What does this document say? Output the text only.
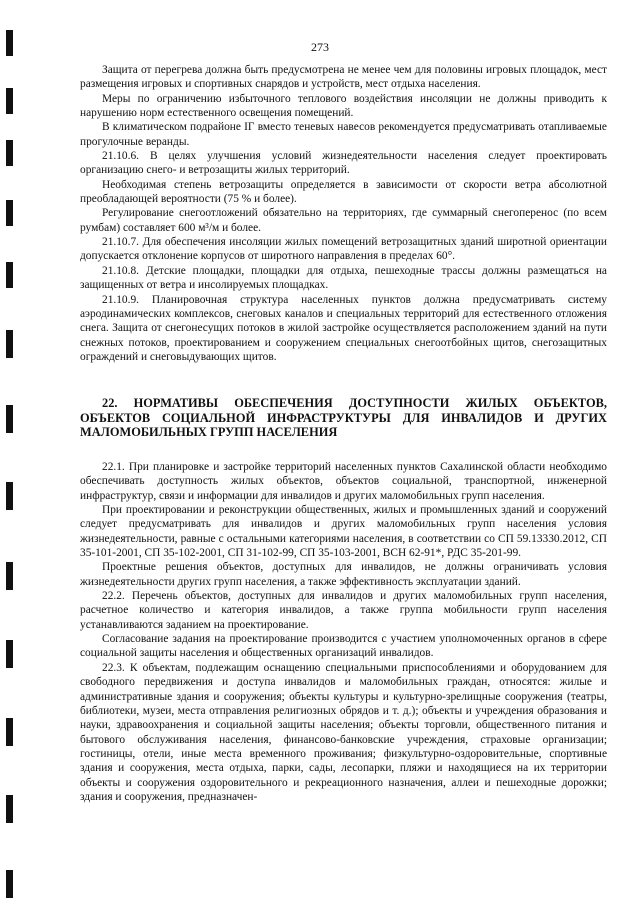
273

Защита от перегрева должна быть предусмотрена не менее чем для половины игровых площадок, мест размещения игровых и спортивных снарядов и устройств, мест отдыха населения.

Меры по ограничению избыточного теплового воздействия инсоляции не должны приводить к нарушению норм естественного освещения помещений.

В климатическом подрайоне IГ вместо теневых навесов рекомендуется предусматривать отапливаемые прогулочные веранды.

21.10.6. В целях улучшения условий жизнедеятельности населения следует проектировать организацию снего- и ветрозащиты жилых территорий.

Необходимая степень ветрозащиты определяется в зависимости от скорости ветра абсолютной преобладающей вероятности (75 % и более).

Регулирование снегоотложений обязательно на территориях, где суммарный снегоперенос (по всем румбам) составляет 600 м³/м и более.

21.10.7. Для обеспечения инсоляции жилых помещений ветрозащитных зданий широтной ориентации допускается отклонение корпусов от широтного направления в пределах 60°.

21.10.8. Детские площадки, площадки для отдыха, пешеходные трассы должны размещаться на защищенных от ветра и инсолируемых площадках.

21.10.9. Планировочная структура населенных пунктов должна предусматривать систему аэродинамических комплексов, снеговых каналов и специальных территорий для естественного отложения снега. Защита от снегонесущих потоков в жилой застройке осуществляется расположением зданий на пути снежных потоков, проектированием и сооружением специальных снегоотбойных щитов, снегозащитных ограждений и снеговыдувающих щитов.

22. НОРМАТИВЫ ОБЕСПЕЧЕНИЯ ДОСТУПНОСТИ ЖИЛЫХ ОБЪЕКТОВ, ОБЪЕКТОВ СОЦИАЛЬНОЙ ИНФРАСТРУКТУРЫ ДЛЯ ИНВАЛИДОВ И ДРУГИХ МАЛОМОБИЛЬНЫХ ГРУПП НАСЕЛЕНИЯ

22.1. При планировке и застройке территорий населенных пунктов Сахалинской области необходимо обеспечивать доступность жилых объектов, объектов социальной, транспортной, инженерной инфраструктур, связи и информации для инвалидов и других маломобильных групп населения.

При проектировании и реконструкции общественных, жилых и промышленных зданий и сооружений следует предусматривать для инвалидов и других маломобильных групп населения условия жизнедеятельности, равные с остальными категориями населения, в соответствии со СП 59.13330.2012, СП 35-101-2001, СП 35-102-2001, СП 31-102-99, СП 35-103-2001, ВСН 62-91*, РДС 35-201-99.

Проектные решения объектов, доступных для инвалидов, не должны ограничивать условия жизнедеятельности других групп населения, а также эффективность эксплуатации зданий.

22.2. Перечень объектов, доступных для инвалидов и других маломобильных групп населения, расчетное количество и категория инвалидов, а также группа мобильности групп населения устанавливаются заданием на проектирование.

Согласование задания на проектирование производится с участием уполномоченных органов в сфере социальной защиты населения и общественных организаций инвалидов.

22.3. К объектам, подлежащим оснащению специальными приспособлениями и оборудованием для свободного передвижения и доступа инвалидов и маломобильных граждан, относятся: жилые и административные здания и сооружения; объекты культуры и культурно-зрелищные сооружения (театры, библиотеки, музеи, места отправления религиозных обрядов и т. д.); объекты и учреждения образования и науки, здравоохранения и социальной защиты населения; объекты торговли, общественного питания и бытового обслуживания населения, финансово-банковские учреждения, страховые организации; гостиницы, отели, иные места временного проживания; физкультурно-оздоровительные, спортивные здания и сооружения, места отдыха, парки, сады, лесопарки, пляжи и находящиеся на их территории объекты и сооружения оздоровительного и рекреационного назначения, аллеи и пешеходные дорожки; здания и сооружения, предназначен-
